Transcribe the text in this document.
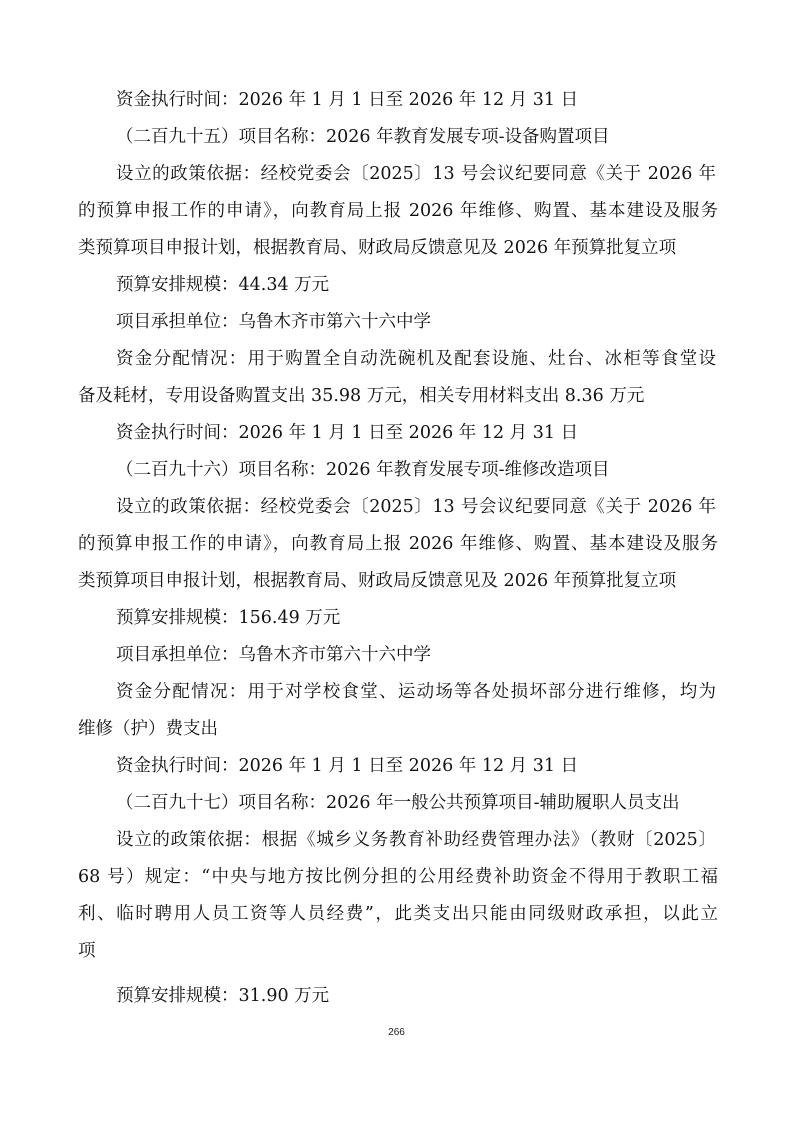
资金执行时间：2026 年 1 月 1 日至 2026 年 12 月 31 日
（二百九十五）项目名称：2026 年教育发展专项-设备购置项目
设立的政策依据：经校党委会〔2025〕13 号会议纪要同意《关于 2026 年
的预算申报工作的申请》，向教育局上报 2026 年维修、购置、基本建设及服务
类预算项目申报计划，根据教育局、财政局反馈意见及 2026 年预算批复立项
预算安排规模：44.34 万元
项目承担单位：乌鲁木齐市第六十六中学
资金分配情况：用于购置全自动洗碗机及配套设施、灶台、冰柜等食堂设
备及耗材，专用设备购置支出 35.98 万元，相关专用材料支出 8.36 万元
资金执行时间：2026 年 1 月 1 日至 2026 年 12 月 31 日
（二百九十六）项目名称：2026 年教育发展专项-维修改造项目
设立的政策依据：经校党委会〔2025〕13 号会议纪要同意《关于 2026 年
的预算申报工作的申请》，向教育局上报 2026 年维修、购置、基本建设及服务
类预算项目申报计划，根据教育局、财政局反馈意见及 2026 年预算批复立项
预算安排规模：156.49 万元
项目承担单位：乌鲁木齐市第六十六中学
资金分配情况：用于对学校食堂、运动场等各处损坏部分进行维修，均为
维修（护）费支出
资金执行时间：2026 年 1 月 1 日至 2026 年 12 月 31 日
（二百九十七）项目名称：2026 年一般公共预算项目-辅助履职人员支出
设立的政策依据：根据《城乡义务教育补助经费管理办法》（教财〔2025〕
68 号）规定：“中央与地方按比例分担的公用经费补助资金不得用于教职工福
利、临时聘用人员工资等人员经费”，此类支出只能由同级财政承担，以此立
项
预算安排规模：31.90 万元
266
